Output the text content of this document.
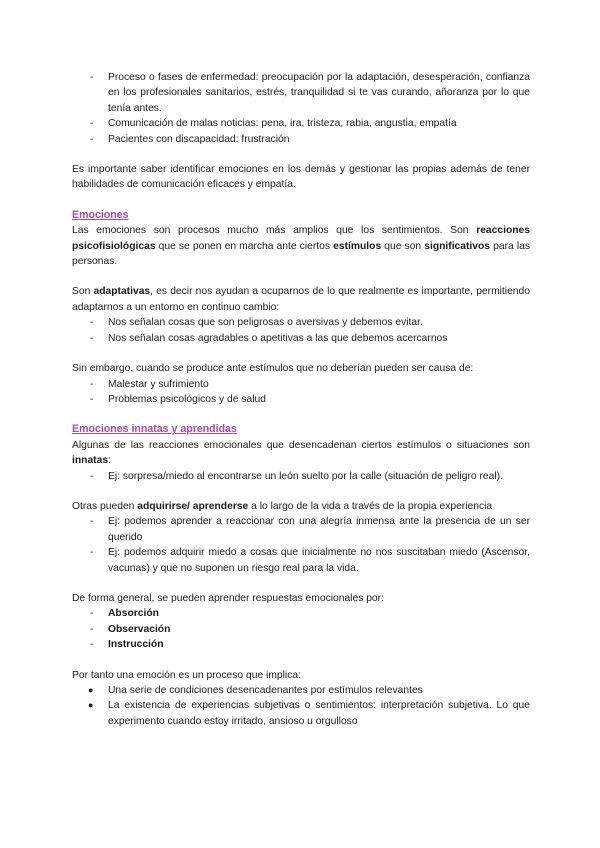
- Proceso o fases de enfermedad: preocupación por la adaptación, desesperación, confianza en los profesionales sanitarios, estrés, tranquilidad si te vas curando, añoranza por lo que tenía antes.
- Comunicación de malas noticias: pena, ira, tristeza, rabia, angustia, empatía
- Pacientes con discapacidad: frustración

Es importante saber identificar emociones en los demás y gestionar las propias además de tener habilidades de comunicación eficaces y empatía.

Emociones

Las emociones son procesos mucho más amplios que los sentimientos. Son reacciones psicofisiológicas que se ponen en marcha ante ciertos estímulos que son significativos para las personas.

Son adaptativas, es decir nos ayudan a ocuparnos de lo que realmente es importante, permitiendo adaptarnos a un entorno en continuo cambio:

- Nos señalan cosas que son peligrosas o aversivas y debemos evitar.
- Nos señalan cosas agradables o apetitivas a las que debemos acercarnos

Sin embargo, cuando se produce ante estímulos que no deberían pueden ser causa de:

- Malestar y sufrimiento
- Problemas psicológicos y de salud
Emociones innatas y aprendidas

Algunas de las reacciones emocionales que desencadenan ciertos estímulos o situaciones son innatas:

- Ej: sorpresa/miedo al encontrarse un león suelto por la calle (situación de peligro real).

Otras pueden adquirirse/ aprenderse a lo largo de la vida a través de la propia experiencia

- Ej: podemos aprender a reaccionar con una alegría inmensa ante la presencia de un ser querido
- Ej: podemos adquirir miedo a cosas que inicialmente no nos suscitaban miedo (Ascensor, vacunas) y que no suponen un riesgo real para la vida.

De forma general, se pueden aprender respuestas emocionales por:

- Absorción
- Observación
- Instrucción

Por tanto una emoción es un proceso que implica:

● Una serie de condiciones desencadenantes por estímulos relevantes
● La existencia de experiencias subjetivas o sentimientos: interpretación subjetiva. Lo que experimento cuando estoy irritado, ansioso u orgulloso
